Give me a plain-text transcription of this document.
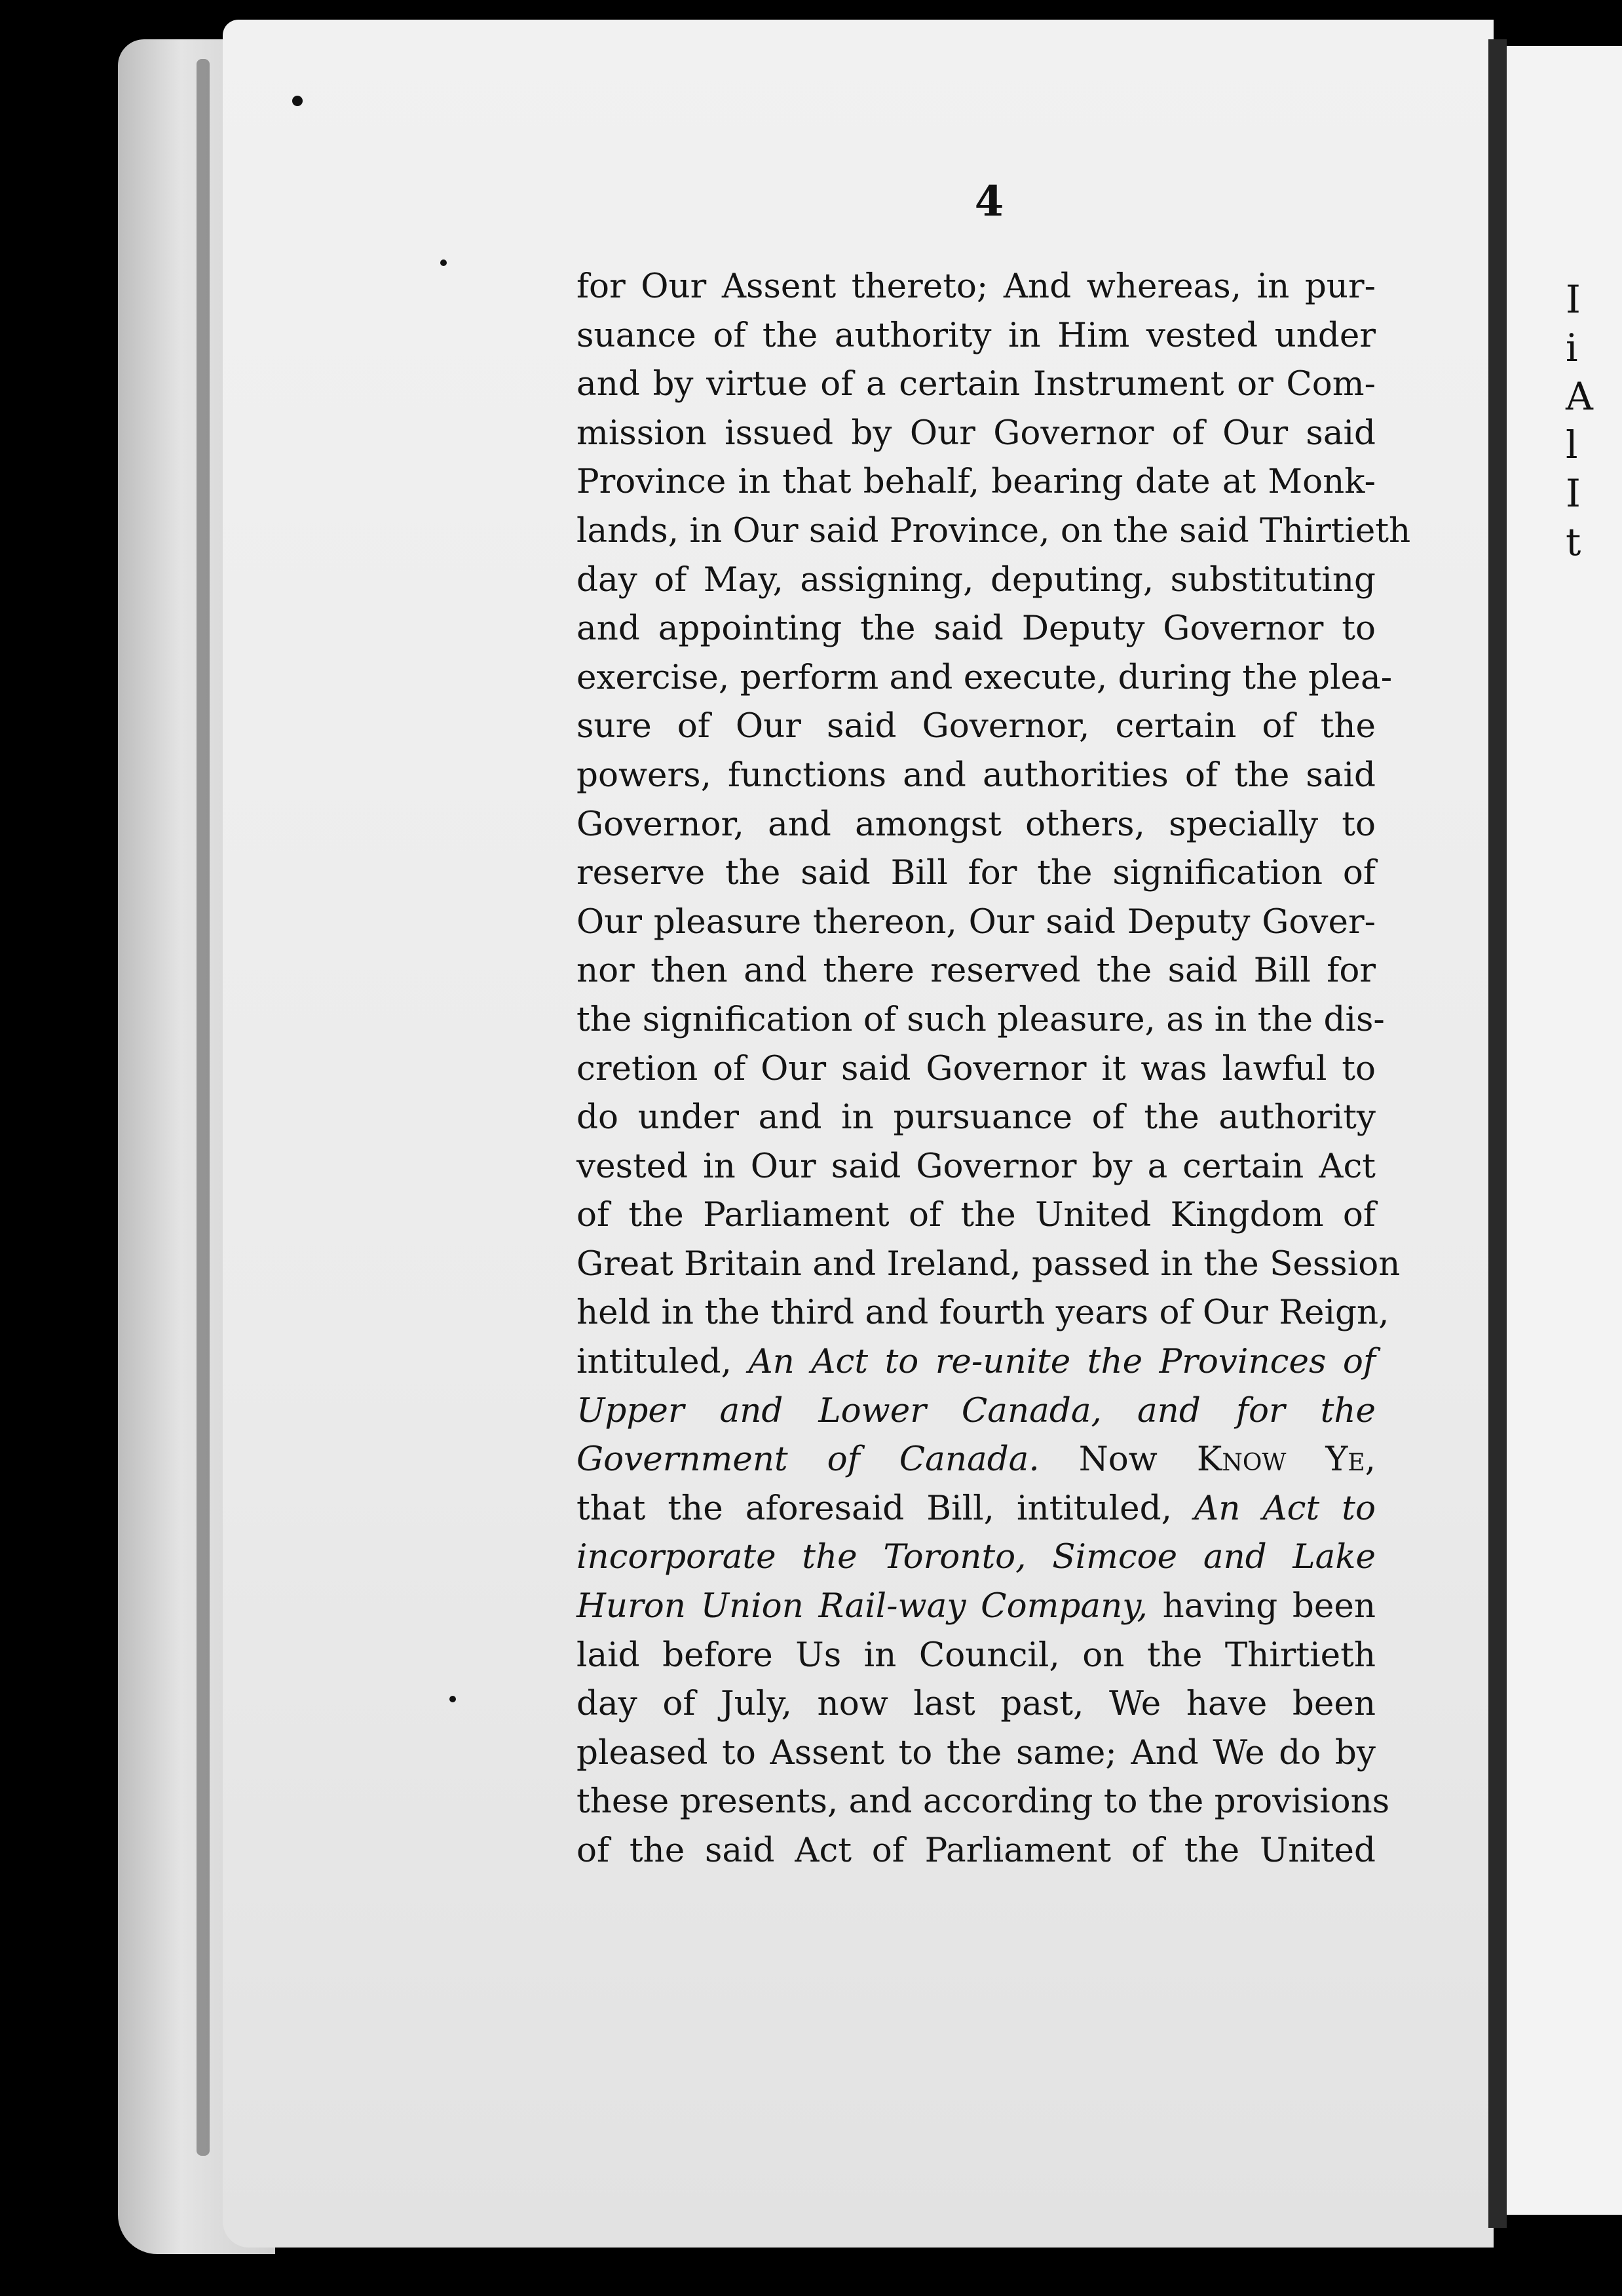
I
i
A
l
I
t
4
for Our Assent thereto; And whereas, in pur-
suance of the authority in Him vested under
and by virtue of a certain Instrument or Com-
mission issued by Our Governor of Our said
Province in that behalf, bearing date at Monk-
lands, in Our said Province, on the said Thirtieth
day of May, assigning, deputing, substituting
and appointing the said Deputy Governor to
exercise, perform and execute, during the plea-
sure of Our said Governor, certain of the
powers, functions and authorities of the said
Governor, and amongst others, specially to
reserve the said Bill for the signification of
Our pleasure thereon, Our said Deputy Gover-
nor then and there reserved the said Bill for
the signification of such pleasure, as in the dis-
cretion of Our said Governor it was lawful to
do under and in pursuance of the authority
vested in Our said Governor by a certain Act
of the Parliament of the United Kingdom of
Great Britain and Ireland, passed in the Session
held in the third and fourth years of Our Reign,
intituled, An Act to re-unite the Provinces of
Upper and Lower Canada, and for the
Government of Canada. Now Know Ye,
that the aforesaid Bill, intituled, An Act to
incorporate the Toronto, Simcoe and Lake
Huron Union Rail-way Company, having been
laid before Us in Council, on the Thirtieth
day of July, now last past, We have been
pleased to Assent to the same; And We do by
these presents, and according to the provisions
of the said Act of Parliament of the United
